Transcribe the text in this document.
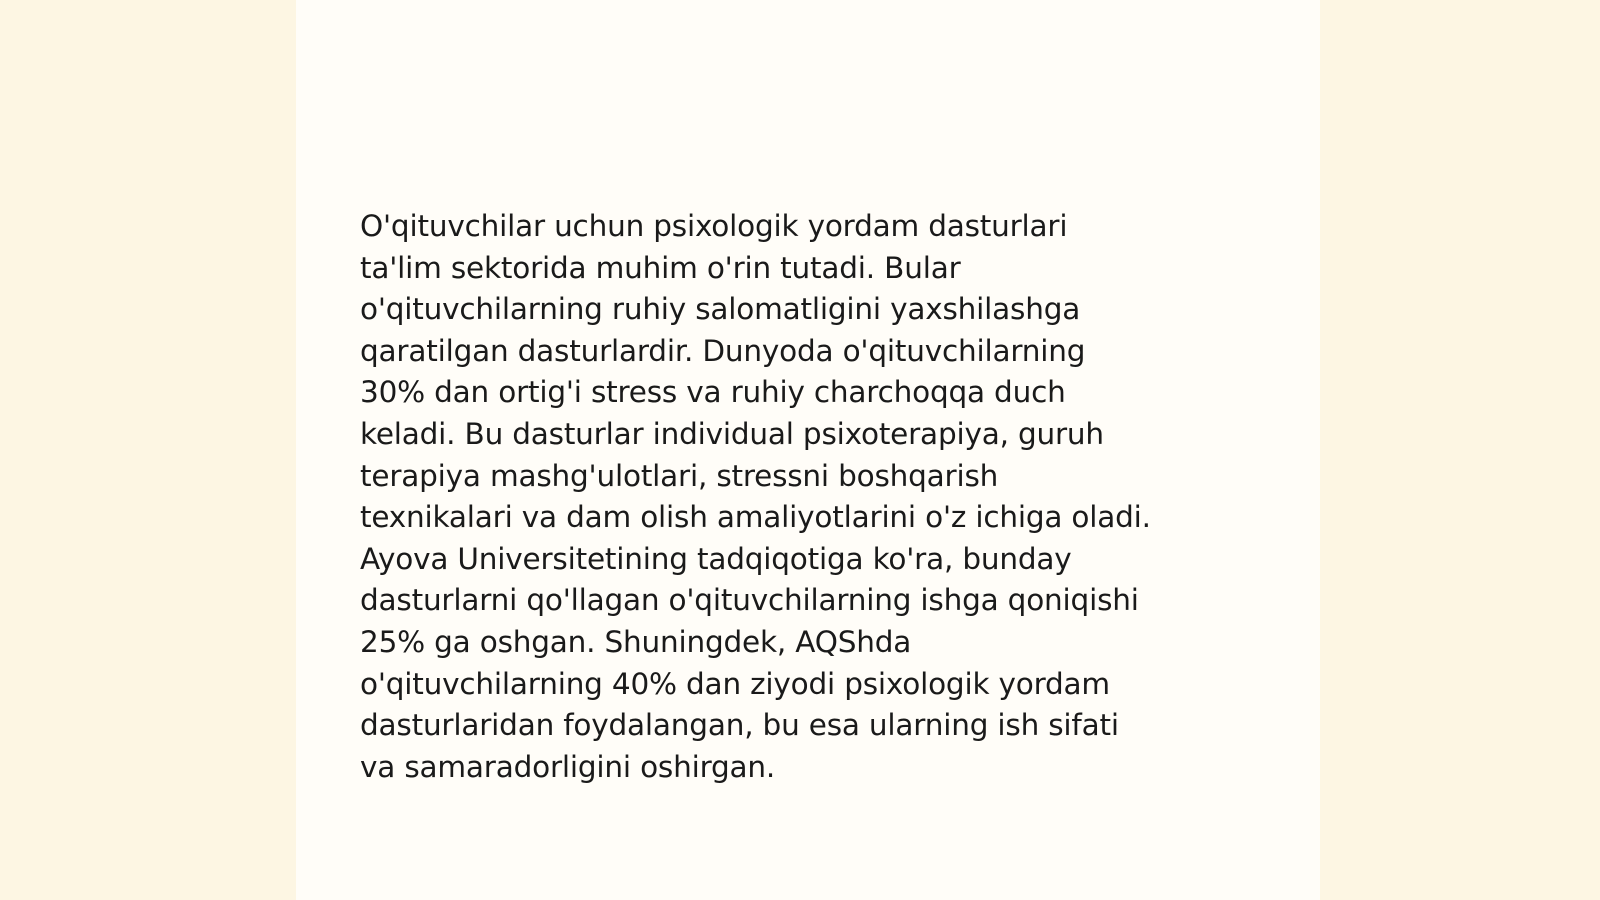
O'qituvchilar uchun psixologik yordam dasturlari
ta'lim sektorida muhim o'rin tutadi. Bular
o'qituvchilarning ruhiy salomatligini yaxshilashga
qaratilgan dasturlardir. Dunyoda o'qituvchilarning
30% dan ortig'i stress va ruhiy charchoqqa duch
keladi. Bu dasturlar individual psixoterapiya, guruh
terapiya mashg'ulotlari, stressni boshqarish
texnikalari va dam olish amaliyotlarini o'z ichiga oladi.
Ayova Universitetining tadqiqotiga ko'ra, bunday
dasturlarni qo'llagan o'qituvchilarning ishga qoniqishi
25% ga oshgan. Shuningdek, AQShda
o'qituvchilarning 40% dan ziyodi psixologik yordam
dasturlaridan foydalangan, bu esa ularning ish sifati
va samaradorligini oshirgan.
